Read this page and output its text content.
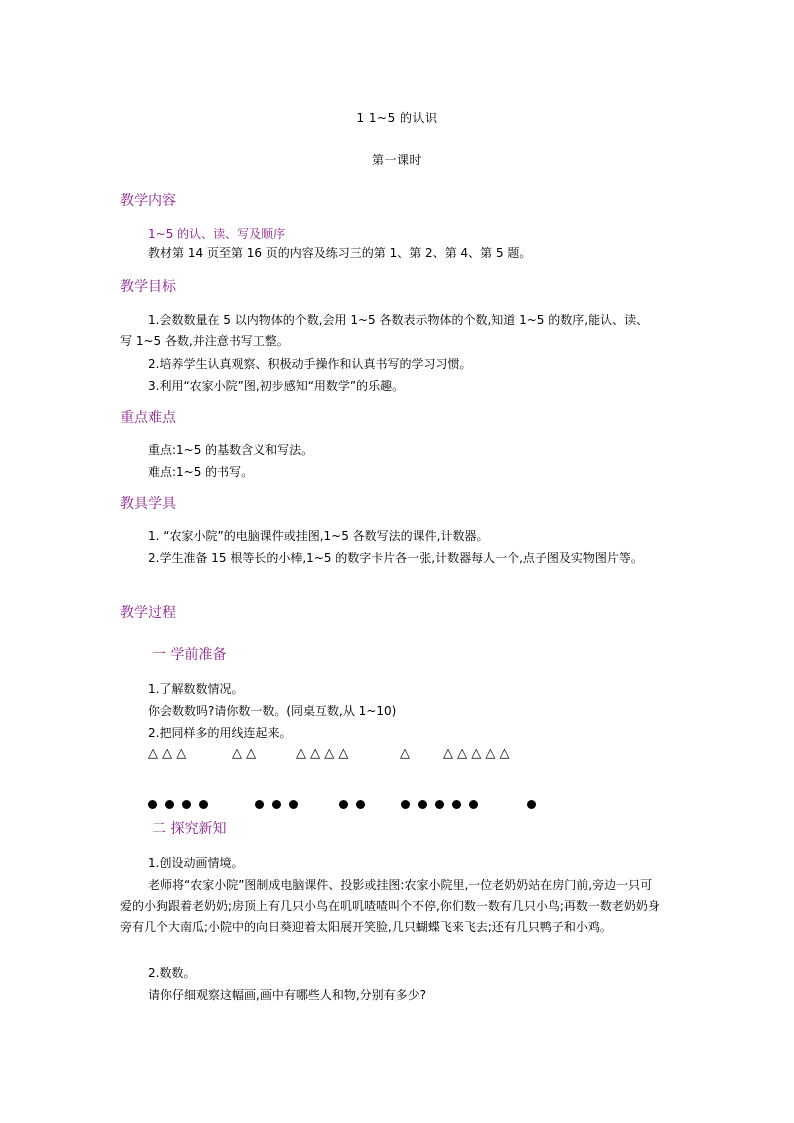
1 1~5 的认识
第一课时
教学内容
1~5 的认、读、写及顺序
教材第 14 页至第 16 页的内容及练习三的第 1、第 2、第 4、第 5 题。
教学目标
1.会数数量在 5 以内物体的个数,会用 1~5 各数表示物体的个数,知道 1~5 的数序,能认、读、写 1~5 各数,并注意书写工整。
2.培养学生认真观察、积极动手操作和认真书写的学习习惯。
3.利用“农家小院”图,初步感知“用数学”的乐趣。
重点难点
重点:1~5 的基数含义和写法。
难点:1~5 的书写。
教具学具
1. “农家小院”的电脑课件或挂图,1~5 各数写法的课件,计数器。
2.学生准备 15 根等长的小棒,1~5 的数字卡片各一张,计数器每人一个,点子图及实物图片等。
教学过程
一 学前准备
1.了解数数情况。
你会数数吗?请你数一数。(同桌互数,从 1~10)
2.把同样多的用线连起来。
△ △ △	△ △	△ △ △ △	△	△ △ △ △ △
二 探究新知
1.创设动画情境。
老师将“农家小院”图制成电脑课件、投影或挂图:农家小院里,一位老奶奶站在房门前,旁边一只可爱的小狗跟着老奶奶;房顶上有几只小鸟在叽叽喳喳叫个不停,你们数一数有几只小鸟;再数一数老奶奶身旁有几个大南瓜;小院中的向日葵迎着太阳展开笑脸,几只蝴蝶飞来飞去;还有几只鸭子和小鸡。
2.数数。
请你仔细观察这幅画,画中有哪些人和物,分别有多少?
